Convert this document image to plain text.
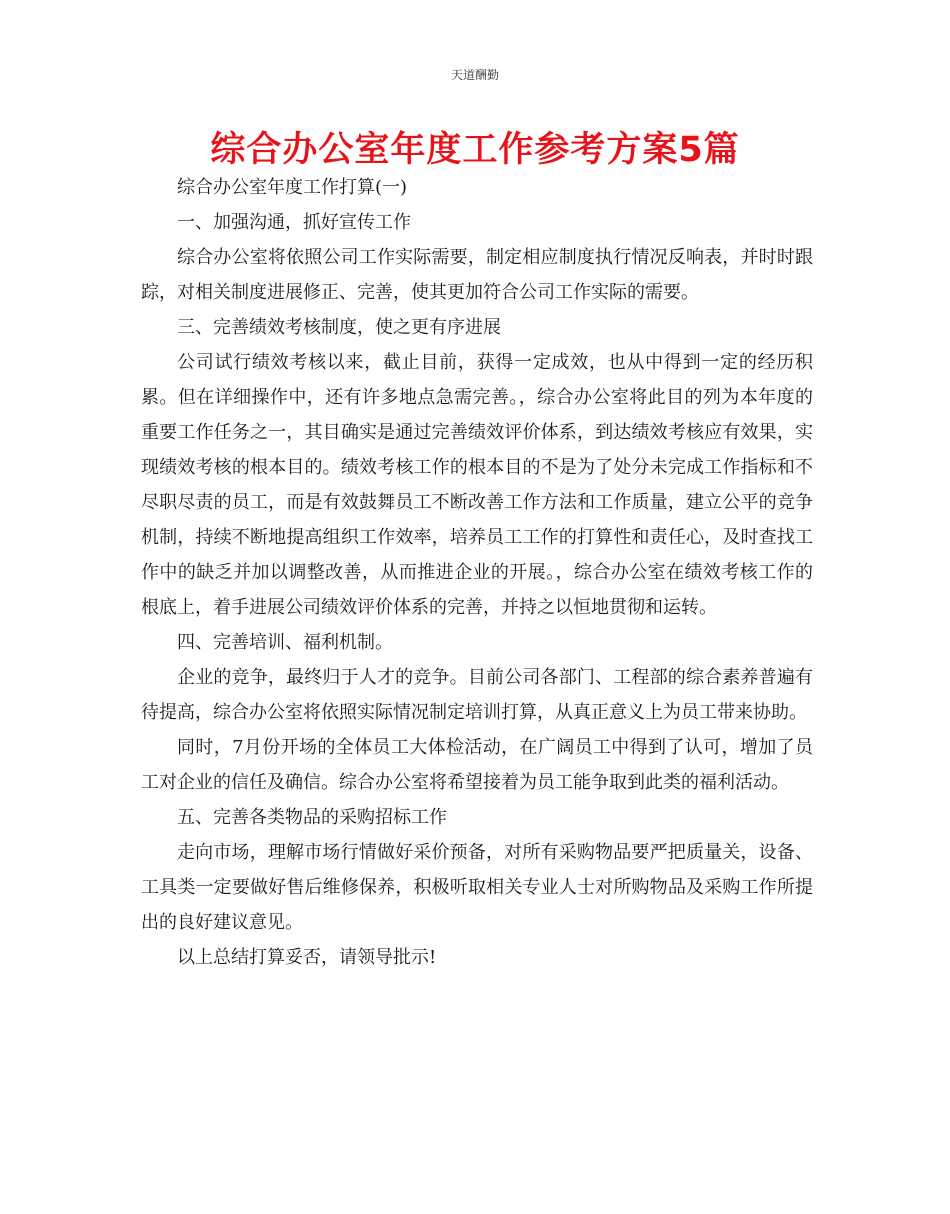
天道酬勤
综合办公室年度工作参考方案5篇

综合办公室年度工作打算(一)

一、加强沟通，抓好宣传工作

综合办公室将依照公司工作实际需要，制定相应制度执行情况反响表，并时时跟踪，对相关制度进展修正、完善，使其更加符合公司工作实际的需要。

三、完善绩效考核制度，使之更有序进展

公司试行绩效考核以来，截止目前，获得一定成效，也从中得到一定的经历积累。但在详细操作中，还有许多地点急需完善。，综合办公室将此目的列为本年度的重要工作任务之一，其目确实是通过完善绩效评价体系，到达绩效考核应有效果，实现绩效考核的根本目的。绩效考核工作的根本目的不是为了处分未完成工作指标和不尽职尽责的员工，而是有效鼓舞员工不断改善工作方法和工作质量，建立公平的竞争机制，持续不断地提高组织工作效率，培养员工工作的打算性和责任心，及时查找工作中的缺乏并加以调整改善，从而推进企业的开展。，综合办公室在绩效考核工作的根底上，着手进展公司绩效评价体系的完善，并持之以恒地贯彻和运转。

四、完善培训、福利机制。

企业的竞争，最终归于人才的竞争。目前公司各部门、工程部的综合素养普遍有待提高，综合办公室将依照实际情况制定培训打算，从真正意义上为员工带来协助。

同时，7月份开场的全体员工大体检活动，在广阔员工中得到了认可，增加了员工对企业的信任及确信。综合办公室将希望接着为员工能争取到此类的福利活动。

五、完善各类物品的采购招标工作

走向市场，理解市场行情做好采价预备，对所有采购物品要严把质量关，设备、工具类一定要做好售后维修保养，积极听取相关专业人士对所购物品及采购工作所提出的良好建议意见。

以上总结打算妥否，请领导批示!
